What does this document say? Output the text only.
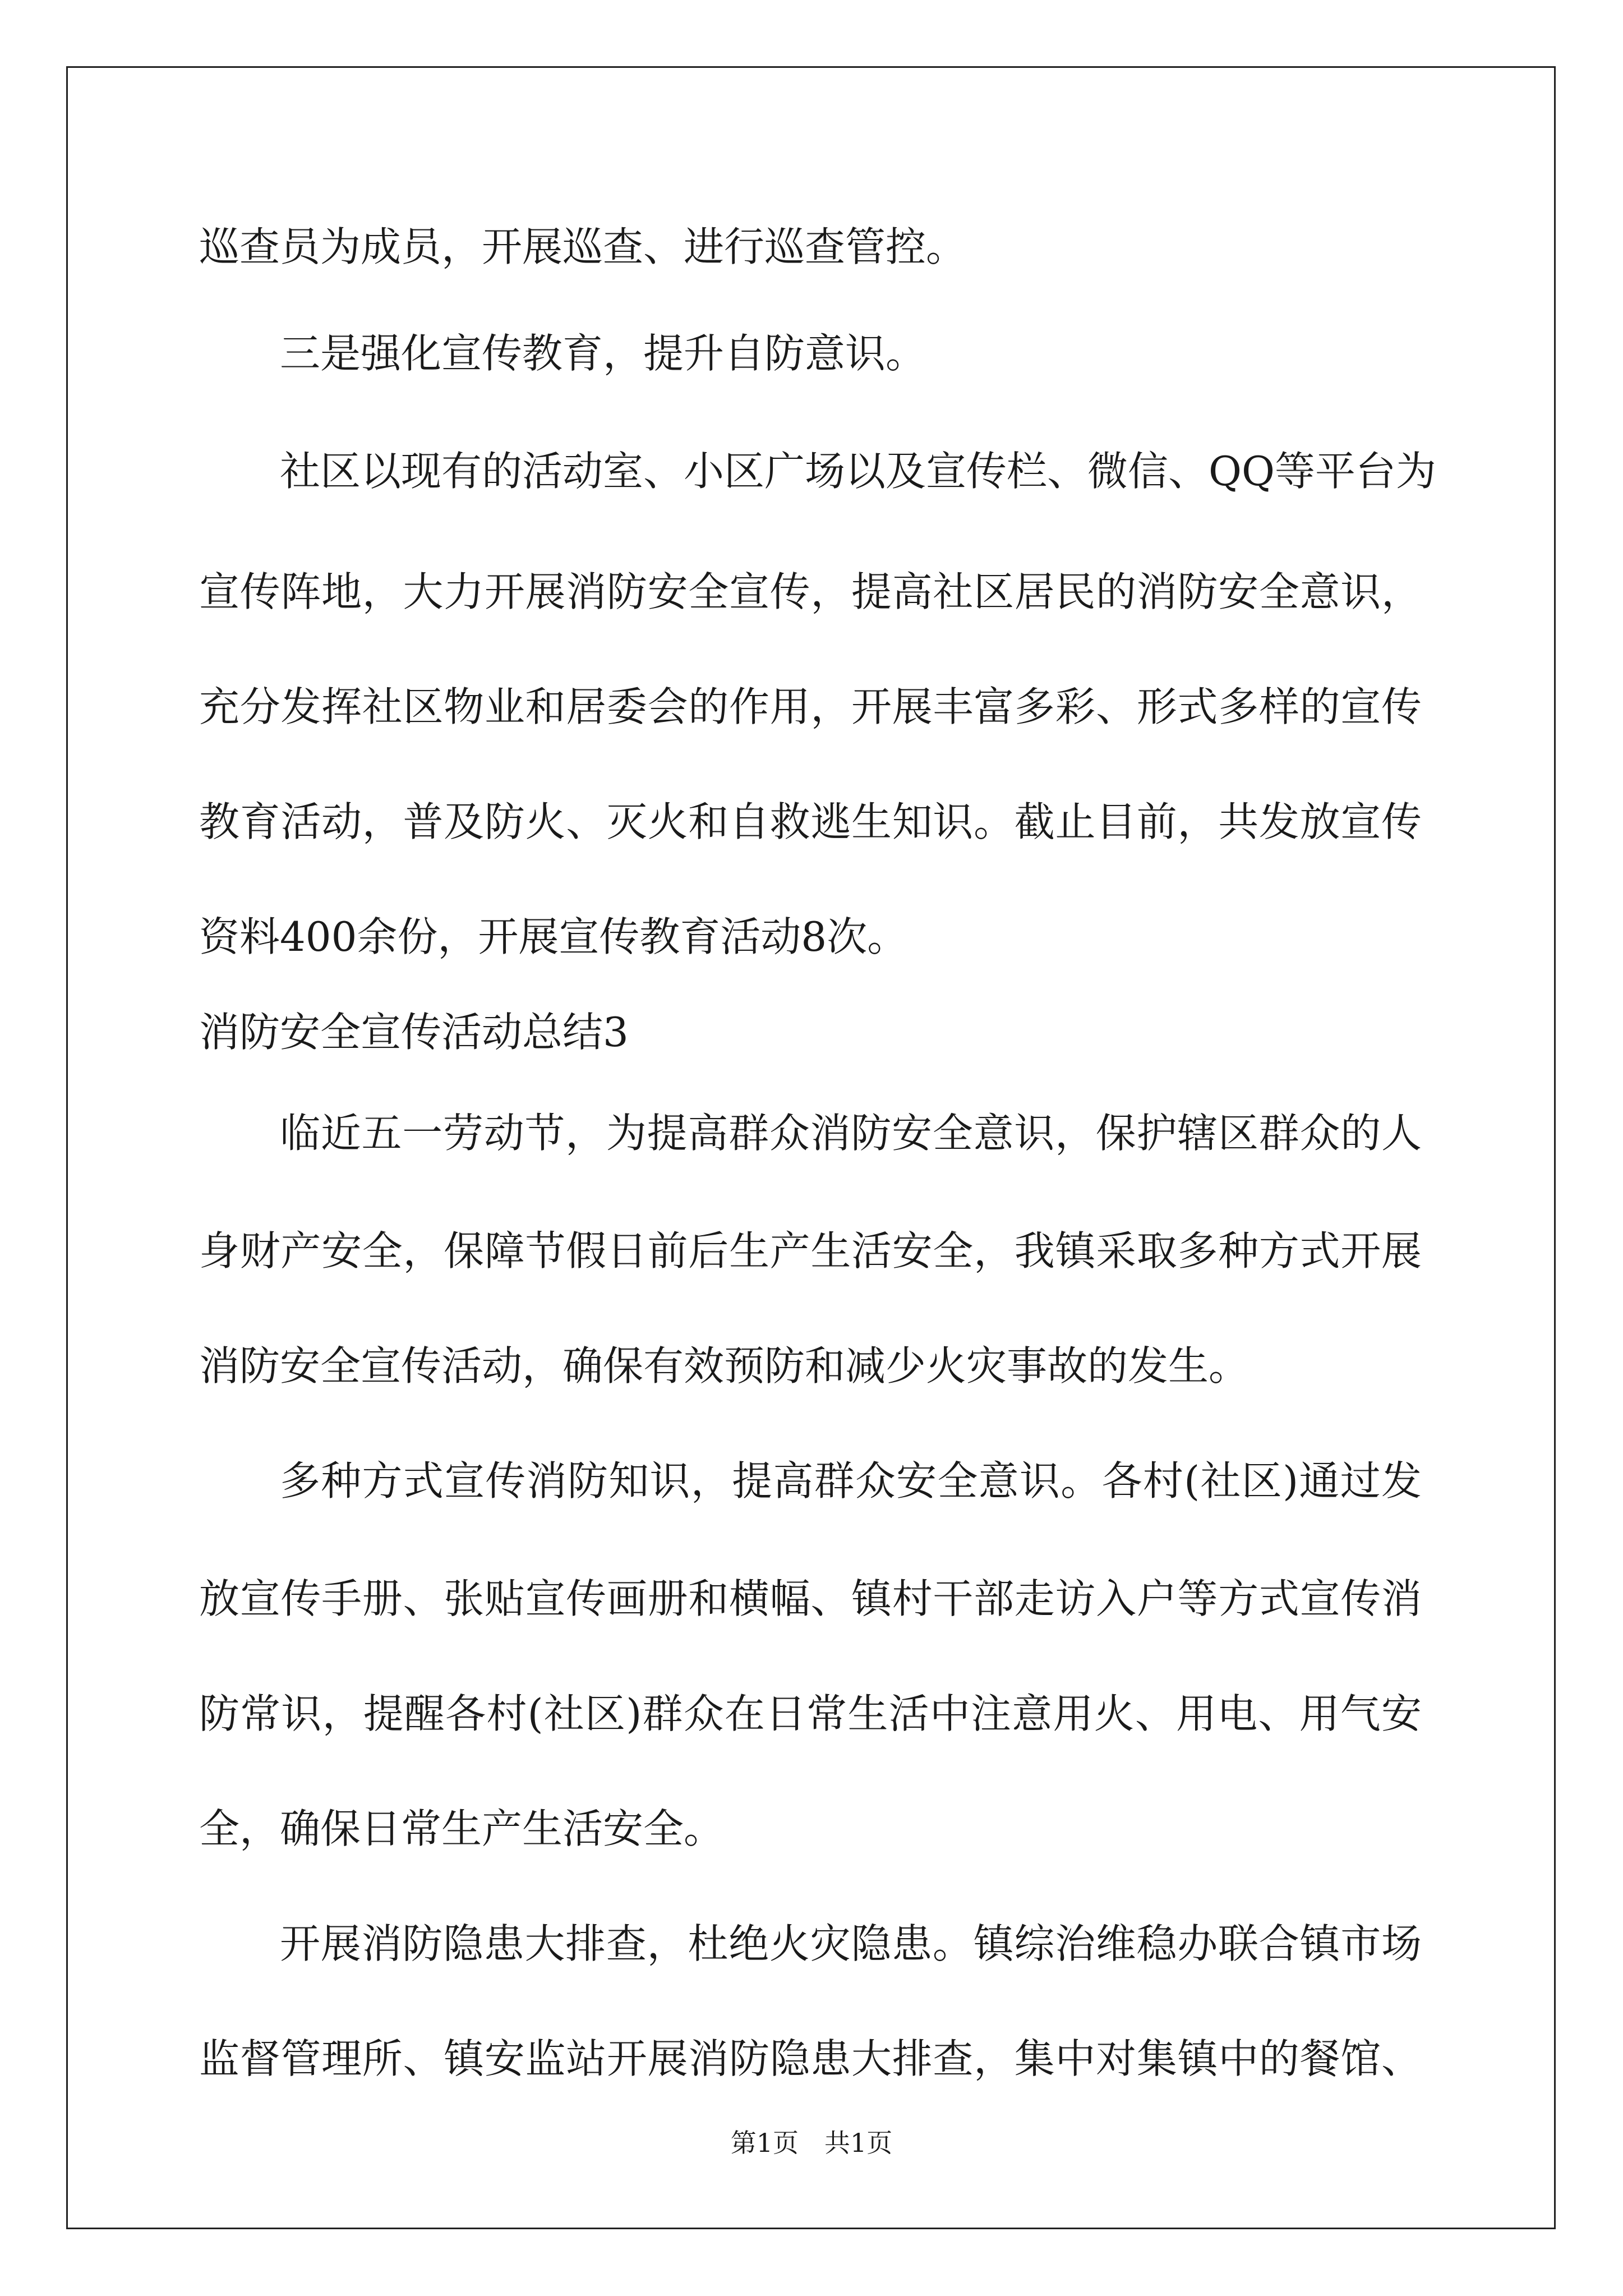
巡查员为成员，开展巡查、进行巡查管控。
三是强化宣传教育，提升自防意识。
社区以现有的活动室、小区广场以及宣传栏、微信、QQ等平台为
宣传阵地，大力开展消防安全宣传，提高社区居民的消防安全意识，
充分发挥社区物业和居委会的作用，开展丰富多彩、形式多样的宣传
教育活动，普及防火、灭火和自救逃生知识。截止目前，共发放宣传
资料400余份，开展宣传教育活动8次。
消防安全宣传活动总结3
临近五一劳动节，为提高群众消防安全意识，保护辖区群众的人
身财产安全，保障节假日前后生产生活安全，我镇采取多种方式开展
消防安全宣传活动，确保有效预防和减少火灾事故的发生。
多种方式宣传消防知识，提高群众安全意识。各村(社区)通过发
放宣传手册、张贴宣传画册和横幅、镇村干部走访入户等方式宣传消
防常识，提醒各村(社区)群众在日常生活中注意用火、用电、用气安
全，确保日常生产生活安全。
开展消防隐患大排查，杜绝火灾隐患。镇综治维稳办联合镇市场
监督管理所、镇安监站开展消防隐患大排查，集中对集镇中的餐馆、
第1页 共1页
